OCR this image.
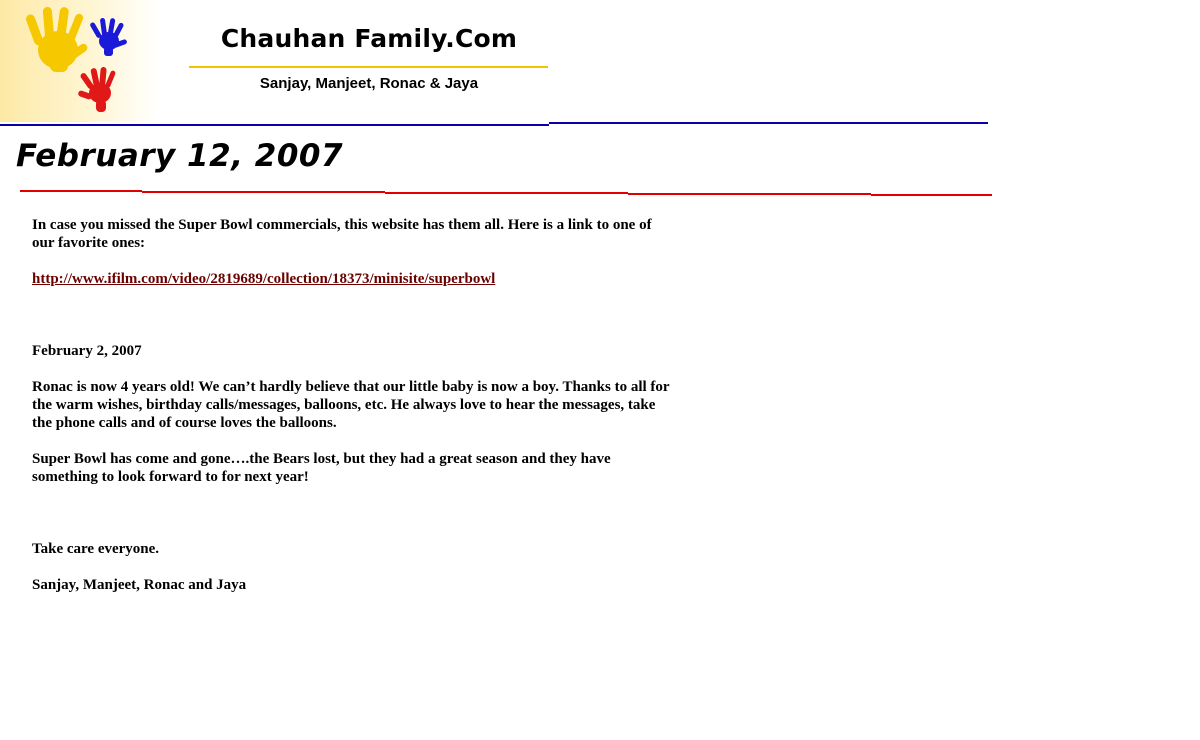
Chauhan Family.Com
Sanjay, Manjeet, Ronac & Jaya
February 12, 2007

In case you missed the Super Bowl commercials, this website has them all. Here is a link to one of our favorite ones:

http://www.ifilm.com/video/2819689/collection/18373/minisite/superbowl

February 2, 2007

Ronac is now 4 years old! We can’t hardly believe that our little baby is now a boy. Thanks to all for the warm wishes, birthday calls/messages, balloons, etc. He always love to hear the messages, take the phone calls and of course loves the balloons.

Super Bowl has come and gone….the Bears lost, but they had a great season and they have something to look forward to for next year!

Take care everyone.

Sanjay, Manjeet, Ronac and Jaya
